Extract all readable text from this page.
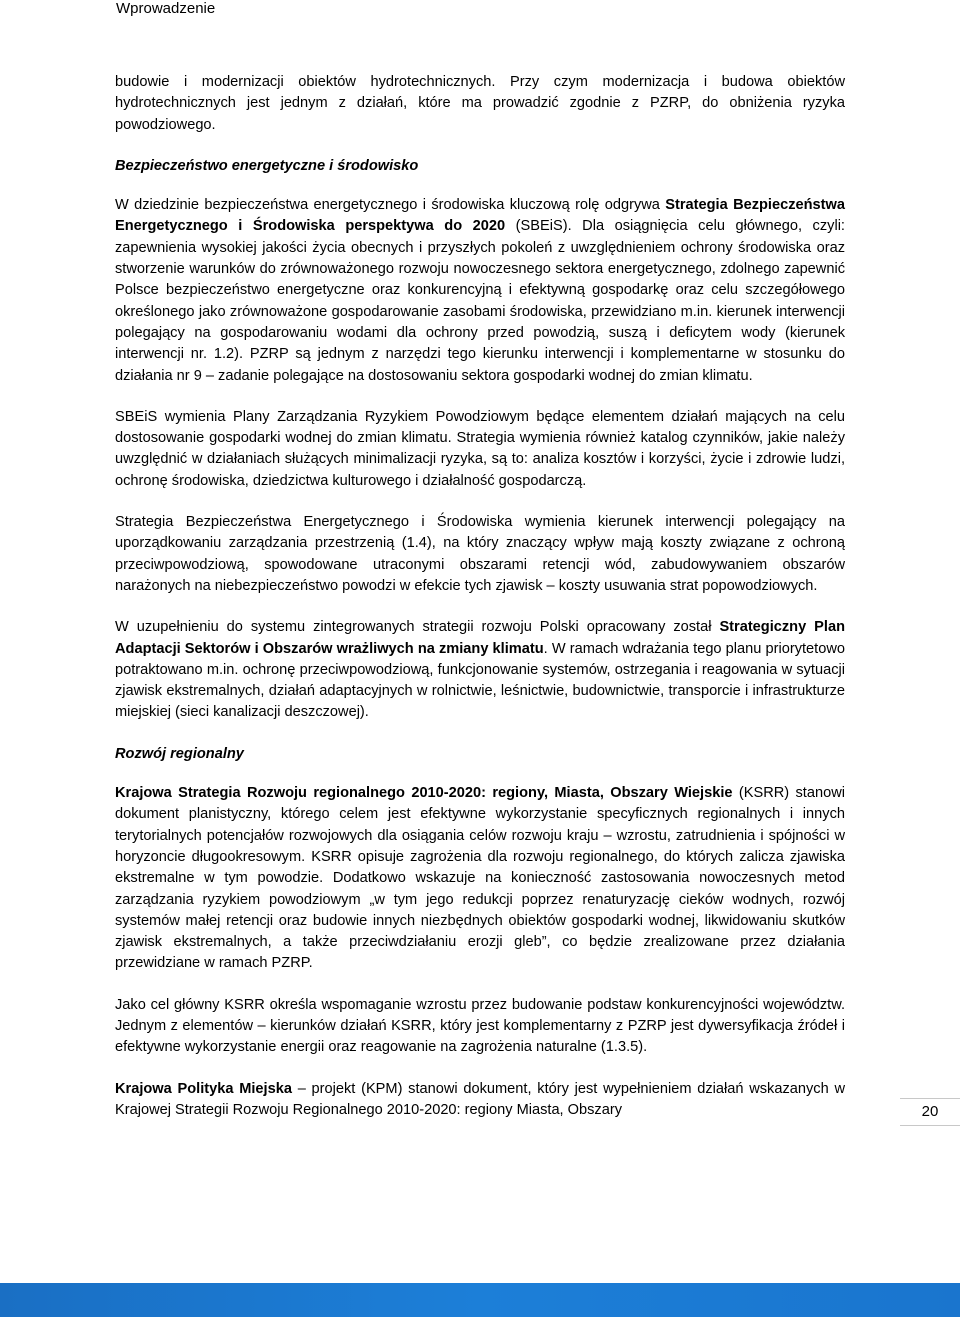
Wprowadzenie

budowie i modernizacji obiektów hydrotechnicznych. Przy czym modernizacja i budowa obiektów hydrotechnicznych jest jednym z działań, które ma prowadzić zgodnie z PZRP, do obniżenia ryzyka powodziowego.

Bezpieczeństwo energetyczne i środowisko

W dziedzinie bezpieczeństwa energetycznego i środowiska kluczową rolę odgrywa Strategia Bezpieczeństwa Energetycznego i Środowiska perspektywa do 2020 (SBEiS). Dla osiągnięcia celu głównego, czyli: zapewnienia wysokiej jakości życia obecnych i przyszłych pokoleń z uwzględnieniem ochrony środowiska oraz stworzenie warunków do zrównoważonego rozwoju nowoczesnego sektora energetycznego, zdolnego zapewnić Polsce bezpieczeństwo energetyczne oraz konkurencyjną i efektywną gospodarkę oraz celu szczegółowego określonego jako zrównoważone gospodarowanie zasobami środowiska, przewidziano m.in. kierunek interwencji polegający na gospodarowaniu wodami dla ochrony przed powodzią, suszą i deficytem wody (kierunek interwencji nr. 1.2). PZRP są jednym z narzędzi tego kierunku interwencji i komplementarne w stosunku do działania nr 9 – zadanie polegające na dostosowaniu sektora gospodarki wodnej do zmian klimatu.

SBEiS wymienia Plany Zarządzania Ryzykiem Powodziowym będące elementem działań mających na celu dostosowanie gospodarki wodnej do zmian klimatu. Strategia wymienia również katalog czynników, jakie należy uwzględnić w działaniach służących minimalizacji ryzyka, są to: analiza kosztów i korzyści, życie i zdrowie ludzi, ochronę środowiska, dziedzictwa kulturowego i działalność gospodarczą.

Strategia Bezpieczeństwa Energetycznego i Środowiska wymienia kierunek interwencji polegający na uporządkowaniu zarządzania przestrzenią (1.4), na który znaczący wpływ mają koszty związane z ochroną przeciwpowodziową, spowodowane utraconymi obszarami retencji wód, zabudowywaniem obszarów narażonych na niebezpieczeństwo powodzi w efekcie tych zjawisk – koszty usuwania strat popowodziowych.

W uzupełnieniu do systemu zintegrowanych strategii rozwoju Polski opracowany został Strategiczny Plan Adaptacji Sektorów i Obszarów wrażliwych na zmiany klimatu. W ramach wdrażania tego planu priorytetowo potraktowano m.in. ochronę przeciwpowodziową, funkcjonowanie systemów, ostrzegania i reagowania w sytuacji zjawisk ekstremalnych, działań adaptacyjnych w rolnictwie, leśnictwie, budownictwie, transporcie i infrastrukturze miejskiej (sieci kanalizacji deszczowej).

Rozwój regionalny

Krajowa Strategia Rozwoju regionalnego 2010-2020: regiony, Miasta, Obszary Wiejskie (KSRR) stanowi dokument planistyczny, którego celem jest efektywne wykorzystanie specyficznych regionalnych i innych terytorialnych potencjałów rozwojowych dla osiągania celów rozwoju kraju – wzrostu, zatrudnienia i spójności w horyzoncie długookresowym. KSRR opisuje zagrożenia dla rozwoju regionalnego, do których zalicza zjawiska ekstremalne w tym powodzie. Dodatkowo wskazuje na konieczność zastosowania nowoczesnych metod zarządzania ryzykiem powodziowym „w tym jego redukcji poprzez renaturyzację cieków wodnych, rozwój systemów małej retencji oraz budowie innych niezbędnych obiektów gospodarki wodnej, likwidowaniu skutków zjawisk ekstremalnych, a także przeciwdziałaniu erozji gleb”, co będzie zrealizowane przez działania przewidziane w ramach PZRP.

Jako cel główny KSRR określa wspomaganie wzrostu przez budowanie podstaw konkurencyjności województw. Jednym z elementów – kierunków działań KSRR, który jest komplementarny z PZRP jest dywersyfikacja źródeł i efektywne wykorzystanie energii oraz reagowanie na zagrożenia naturalne (1.3.5).

Krajowa Polityka Miejska – projekt (KPM) stanowi dokument, który jest wypełnieniem działań wskazanych w Krajowej Strategii Rozwoju Regionalnego 2010-2020: regiony Miasta, Obszary	20
